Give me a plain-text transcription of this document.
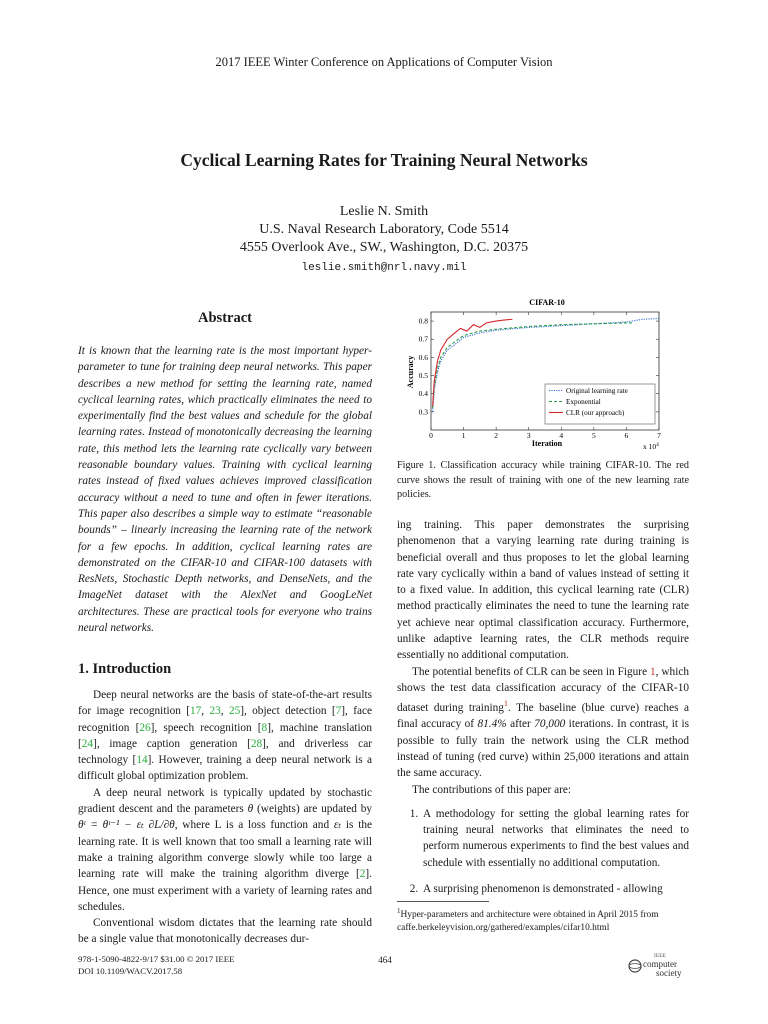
2017 IEEE Winter Conference on Applications of Computer Vision
Cyclical Learning Rates for Training Neural Networks
Leslie N. Smith
U.S. Naval Research Laboratory, Code 5514
4555 Overlook Ave., SW., Washington, D.C. 20375
leslie.smith@nrl.navy.mil
Abstract
It is known that the learning rate is the most important hyper-parameter to tune for training deep neural networks. This paper describes a new method for setting the learning rate, named cyclical learning rates, which practically eliminates the need to experimentally find the best values and schedule for the global learning rates. Instead of monotonically decreasing the learning rate, this method lets the learning rate cyclically vary between reasonable boundary values. Training with cyclical learning rates instead of fixed values achieves improved classification accuracy without a need to tune and often in fewer iterations. This paper also describes a simple way to estimate “reasonable bounds” – linearly increasing the learning rate of the network for a few epochs. In addition, cyclical learning rates are demonstrated on the CIFAR-10 and CIFAR-100 datasets with ResNets, Stochastic Depth networks, and DenseNets, and the ImageNet dataset with the AlexNet and GoogLeNet architectures. These are practical tools for everyone who trains neural networks.
1. Introduction

Deep neural networks are the basis of state-of-the-art results for image recognition [17, 23, 25], object detection [7], face recognition [26], speech recognition [8], machine translation [24], image caption generation [28], and driverless car technology [14]. However, training a deep neural network is a difficult global optimization problem.

A deep neural network is typically updated by stochastic gradient descent and the parameters θ (weights) are updated by θᵗ = θᵗ⁻¹ − εₜ ∂L/∂θ, where L is a loss function and εₜ is the learning rate. It is well known that too small a learning rate will make a training algorithm converge slowly while too large a learning rate will make the training algorithm diverge [2]. Hence, one must experiment with a variety of learning rates and schedules.

Conventional wisdom dictates that the learning rate should be a single value that monotonically decreases dur-

CIFAR-10
0	1	2	3	4	5	6	7
0.3
0.4
0.5
0.6
0.7
0.8
Accuracy
Iteration	x $10^4$
Original learning rate
Exponential
CLR (our approach)
Figure 1. Classification accuracy while training CIFAR-10. The red curve shows the result of training with one of the new learning rate policies.

ing training. This paper demonstrates the surprising phenomenon that a varying learning rate during training is beneficial overall and thus proposes to let the global learning rate vary cyclically within a band of values instead of setting it to a fixed value. In addition, this cyclical learning rate (CLR) method practically eliminates the need to tune the learning rate yet achieve near optimal classification accuracy. Furthermore, unlike adaptive learning rates, the CLR methods require essentially no additional computation.

The potential benefits of CLR can be seen in Figure 1, which shows the test data classification accuracy of the CIFAR-10 dataset during training$^1$. The baseline (blue curve) reaches a final accuracy of 81.4% after 70,000 iterations. In contrast, it is possible to fully train the network using the CLR method instead of tuning (red curve) within 25,000 iterations and attain the same accuracy.

The contributions of this paper are:

1. A methodology for setting the global learning rates for training neural networks that eliminates the need to perform numerous experiments to find the best values and schedule with essentially no additional computation.
2. A surprising phenomenon is demonstrated - allowing
$^1$Hyper-parameters and architecture were obtained in April 2015 from caffe.berkeleyvision.org/gathered/examples/cifar10.html
978-1-5090-4822-9/17 $31.00 © 2017 IEEE
DOI 10.1109/WACV.2017.58
464	IEEE
computer
society
